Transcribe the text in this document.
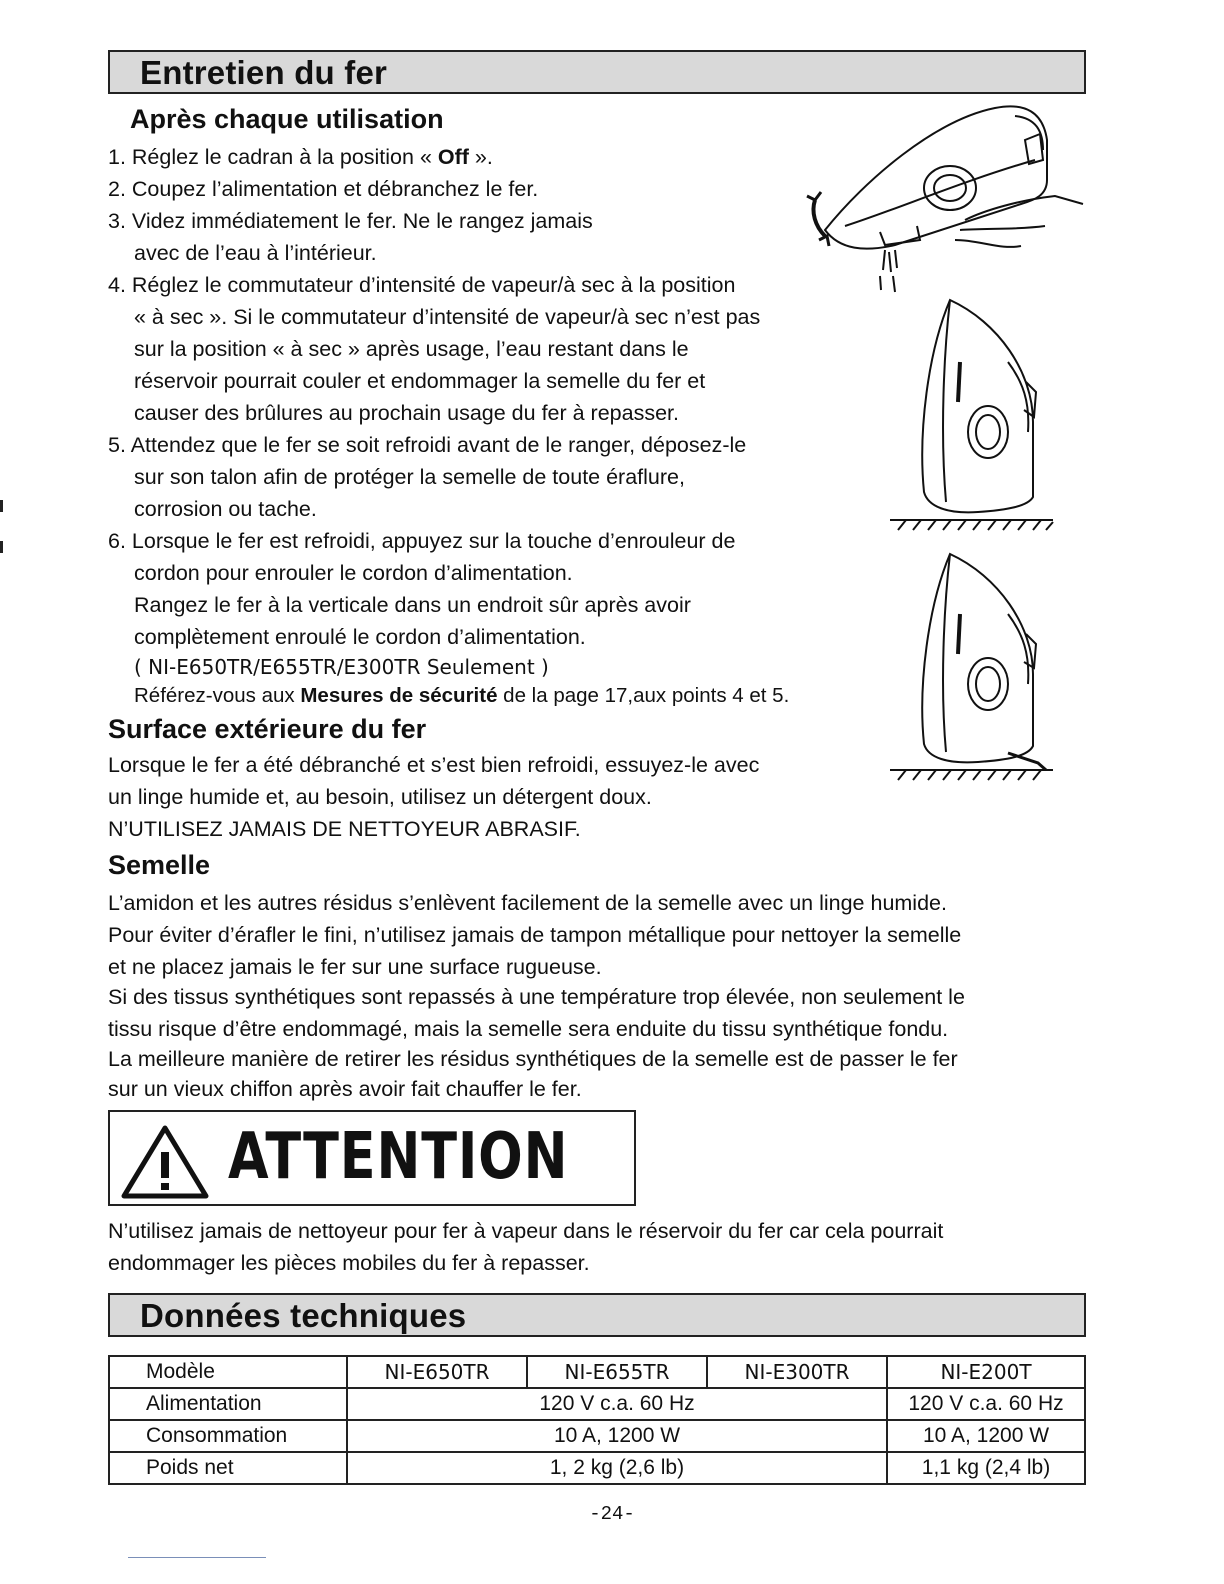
Entretien du fer
Après chaque utilisation
1. Réglez le cadran à la position « Off ».
2. Coupez l’alimentation et débranchez le fer.
3. Videz immédiatement le fer. Ne le rangez jamais
avec de l’eau à l’intérieur.
4. Réglez le commutateur d’intensité de vapeur/à sec à la position
« à sec ». Si le commutateur d’intensité de vapeur/à sec n’est pas
sur la position « à sec » après usage, l’eau restant dans le
réservoir pourrait couler et endommager la semelle du fer et
causer des brûlures au prochain usage du fer à repasser.
5. Attendez que le fer se soit refroidi avant de le ranger, déposez-le
sur son talon afin de protéger la semelle de toute éraflure,
corrosion ou tache.
6. Lorsque le fer est refroidi, appuyez sur la touche d’enrouleur de
cordon pour enrouler le cordon d’alimentation.
Rangez le fer à la verticale dans un endroit sûr après avoir
complètement enroulé le cordon d’alimentation.
( NI-E650TR/E655TR/E300TR Seulement )
Référez-vous aux Mesures de sécurité de la page 17,aux points 4 et 5.
Surface extérieure du fer
Lorsque le fer a été débranché et s’est bien refroidi, essuyez-le avec
un linge humide et, au besoin, utilisez un détergent doux.
N’UTILISEZ JAMAIS DE NETTOYEUR ABRASIF.
Semelle
L’amidon et les autres résidus s’enlèvent facilement de la semelle avec un linge humide.
Pour éviter d’érafler le fini, n’utilisez jamais de tampon métallique pour nettoyer la semelle
et ne placez jamais le fer sur une surface rugueuse.
Si des tissus synthétiques sont repassés à une température trop élevée, non seulement le
tissu risque d’être endommagé, mais la semelle sera enduite du tissu synthétique fondu.
La meilleure manière de retirer les résidus synthétiques de la semelle est de passer le fer
sur un vieux chiffon après avoir fait chauffer le fer.
ATTENTION
N’utilisez jamais de nettoyeur pour fer à vapeur dans le réservoir du fer car cela pourrait
endommager les pièces mobiles du fer à repasser.
Données techniques
Modèle	NI-E650TR	NI-E655TR	NI-E300TR	NI-E200T
Alimentation	120 V c.a. 60 Hz			120 V c.a. 60 Hz
Consommation	10 A, 1200 W			10 A, 1200 W
Poids net	1, 2 kg (2,6 lb)			1,1 kg (2,4 lb)
-24-
